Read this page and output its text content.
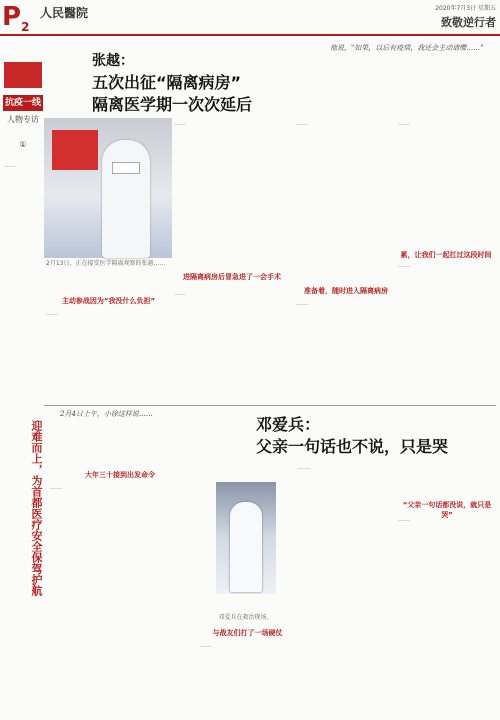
$P_2$
人民醫院	2020年7月3日 星期五
致敬逆行者
抗疫一线
人物专访
①
……
张越：
五次出征“隔离病房”
隔离医学期一次次延后
他说，"如果，以后有疫情，我还会主动请缨……"
2月13日，正在接受医学隔离观察的张越……
主动参战因为“我没什么负担”
进隔离病房后冒急进了一会手术
准备着，随时进入隔离病房
累，让我们一起扛过这段时间
……
……
……
……
……
……
……
迎难而上，为首都医疗安全保驾护航
2月4日上午，小徐这样说……
邓爱兵：
父亲一句话也不说，只是哭
大年三十接到出发命令
……
邓爱兵在救治现场。
与战友们打了一场硬仗
……
……
“父亲一句话都没说，就只是哭”
……
